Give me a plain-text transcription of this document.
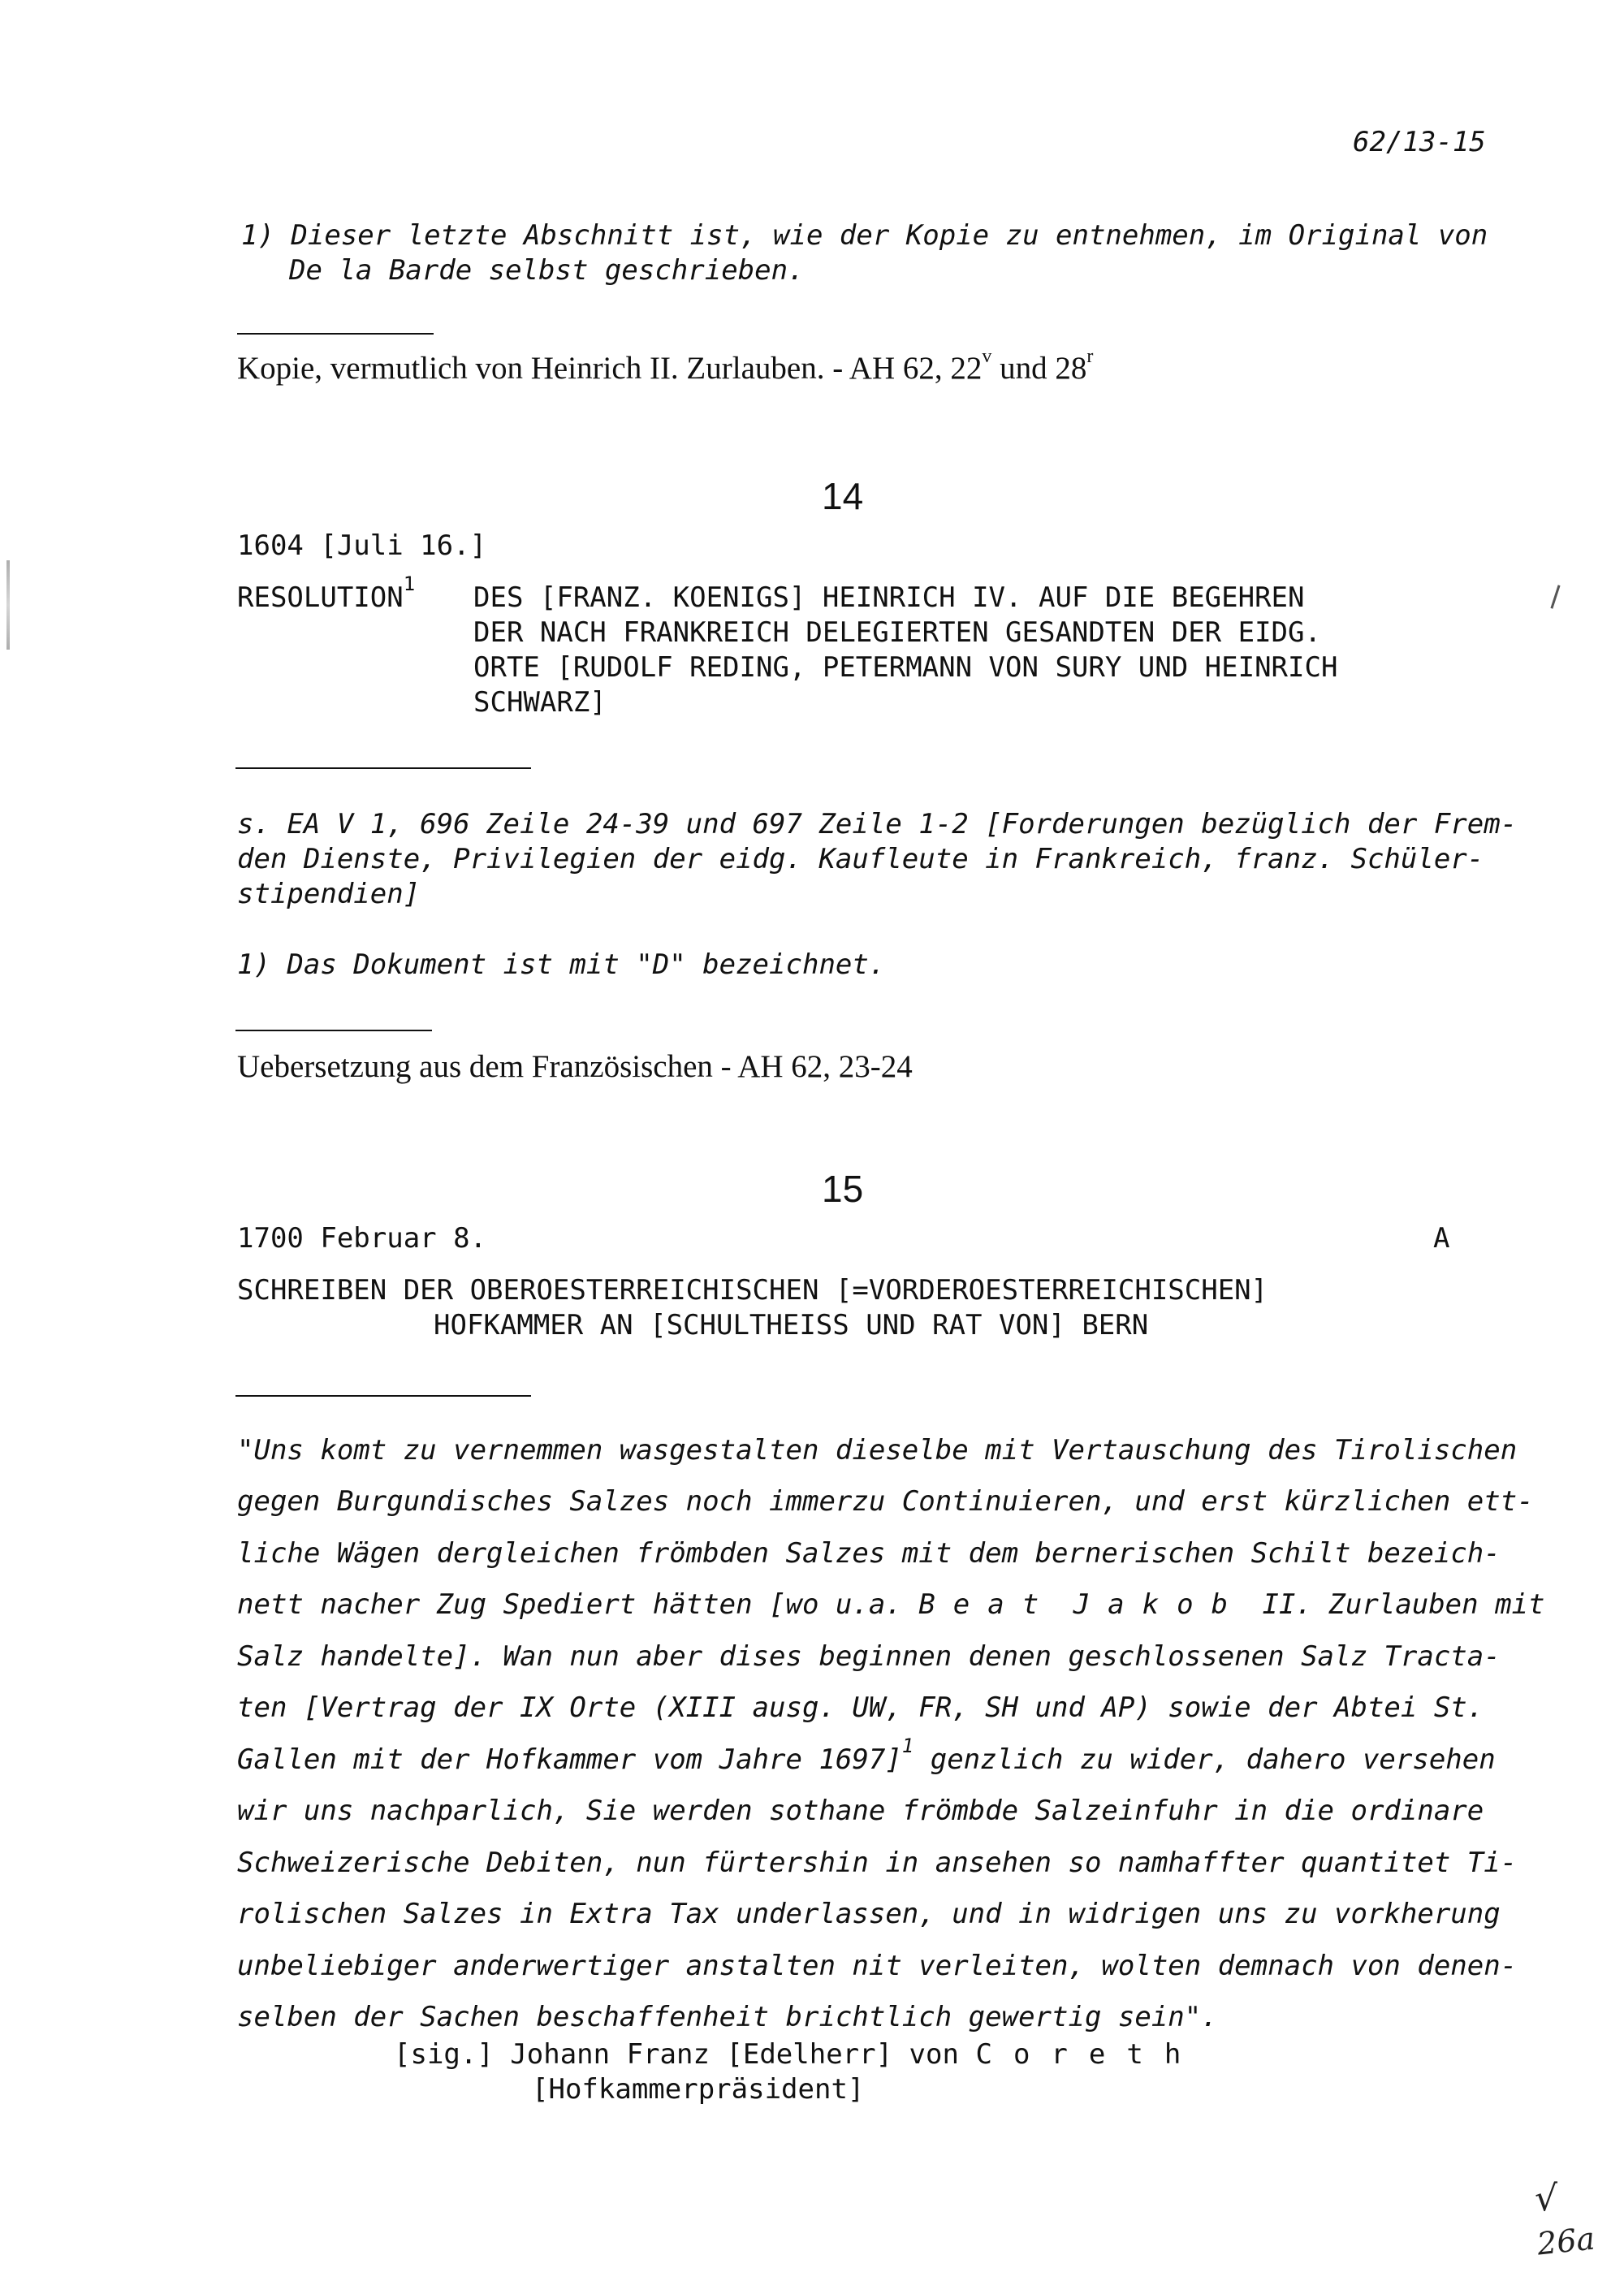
62/13-15
1) Dieser letzte Abschnitt ist, wie der Kopie zu entnehmen, im Original von
De la Barde selbst geschrieben.
Kopie, vermutlich von Heinrich II. Zurlauben. - AH 62, 22$^v$ und 28$^r$
14
1604 [Juli 16.]
RESOLUTION$^1$ DES [FRANZ. KOENIGS] HEINRICH IV. AUF DIE BEGEHREN
DER NACH FRANKREICH DELEGIERTEN GESANDTEN DER EIDG.
ORTE [RUDOLF REDING, PETERMANN VON SURY UND HEINRICH
SCHWARZ]
s. EA V 1, 696 Zeile 24-39 und 697 Zeile 1-2 [Forderungen bezüglich der Frem-
den Dienste, Privilegien der eidg. Kaufleute in Frankreich, franz. Schüler-
stipendien]
1) Das Dokument ist mit "D" bezeichnet.
Uebersetzung aus dem Französischen - AH 62, 23-24
15
1700 Februar 8.	A
SCHREIBEN DER OBEROESTERREICHISCHEN [=VORDEROESTERREICHISCHEN]
HOFKAMMER AN [SCHULTHEISS UND RAT VON] BERN
"Uns komt zu vernemmen wasgestalten dieselbe mit Vertauschung des Tirolischen
gegen Burgundisches Salzes noch immerzu Continuieren, und erst kürzlichen ett-
liche Wägen dergleichen frömbden Salzes mit dem bernerischen Schilt bezeich-
nett nacher Zug Spediert hätten [wo u.a. Beat Jakob II. Zurlauben mit
Salz handelte]. Wan nun aber dises beginnen denen geschlossenen Salz Tracta-
ten [Vertrag der IX Orte (XIII ausg. UW, FR, SH und AP) sowie der Abtei St.
Gallen mit der Hofkammer vom Jahre 1697]$^1$ genzlich zu wider, dahero versehen
wir uns nachparlich, Sie werden sothane frömbde Salzeinfuhr in die ordinare
Schweizerische Debiten, nun fürtershin in ansehen so namhaffter quantitet Ti-
rolischen Salzes in Extra Tax underlassen, und in widrigen uns zu vorkherung
unbeliebiger anderwertiger anstalten nit verleiten, wolten demnach von denen-
selben der Sachen beschaffenheit brichtlich gewertig sein".
[sig.] Johann Franz [Edelherr] von Coreth
[Hofkammerpräsident]
√
26a
